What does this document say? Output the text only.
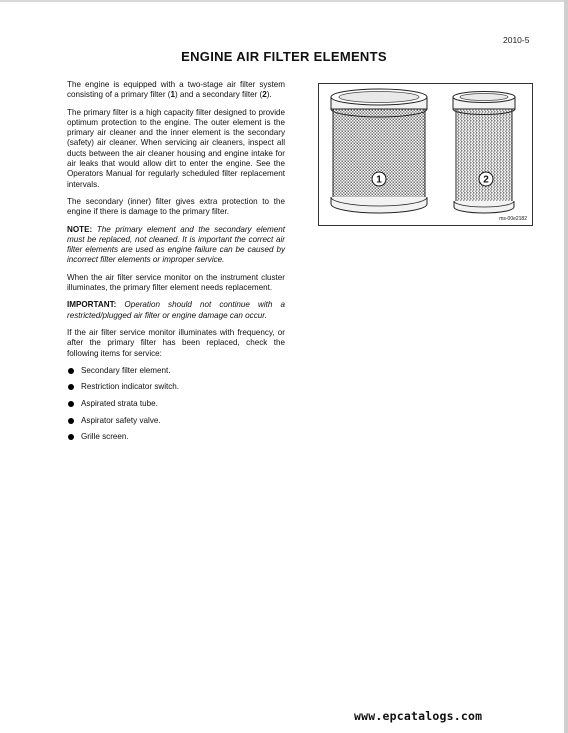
2010-5
ENGINE AIR FILTER ELEMENTS

The engine is equipped with a two-stage air filter system consisting of a primary filter (1) and a secondary filter (2).

The primary filter is a high capacity filter designed to provide optimum protection to the engine. The outer element is the primary air cleaner and the inner element is the secondary (safety) air cleaner. When servicing air cleaners, inspect all ducts between the air cleaner housing and engine intake for air leaks that would allow dirt to enter the engine. See the Operators Manual for regularly scheduled filter replacement intervals.

The secondary (inner) filter gives extra protection to the engine if there is damage to the primary filter.

NOTE: The primary element and the secondary element must be replaced, not cleaned. It is important the correct air filter elements are used as engine failure can be caused by incorrect filter elements or improper service.

When the air filter service monitor on the instrument cluster illuminates, the primary filter element needs replacement.

IMPORTANT: Operation should not continue with a restricted/plugged air filter or engine damage can occur.

If the air filter service monitor illuminates with frequency, or after the primary filter has been replaced, check the following items for service:

Secondary filter element.
Restriction indicator switch.
Aspirated strata tube.
Aspirator safety valve.
Grille screen.
1	2
ms-00e2182
www.epcatalogs.com
